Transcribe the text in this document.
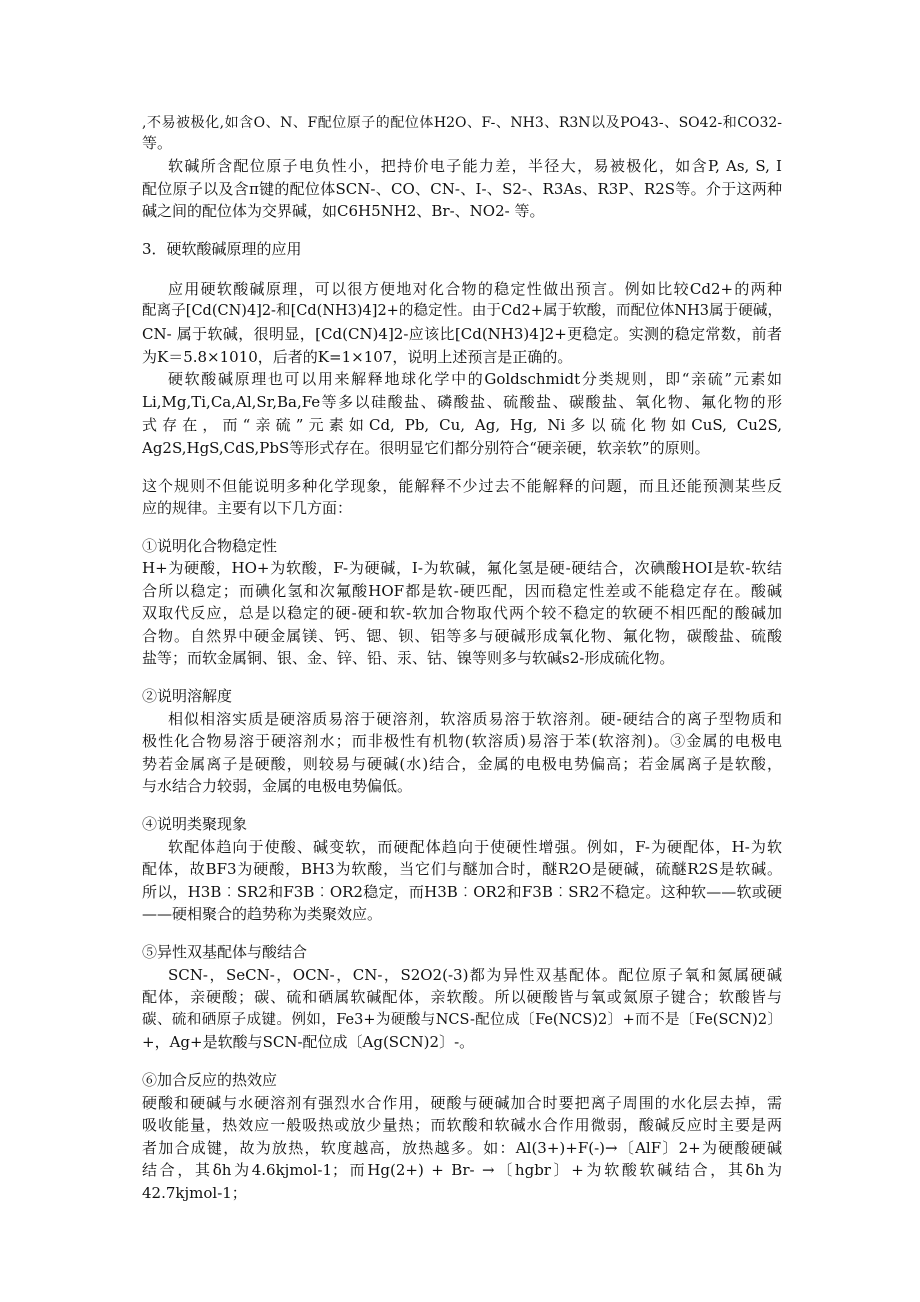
,不易被极化,如含O、N、F配位原子的配位体H2O、F-、NH3、R3N以及PO43-、SO42-和CO32-
等。
软碱所含配位原子电负性小，把持价电子能力差，半径大，易被极化，如含P, As, S, I
配位原子以及含π键的配位体SCN-、CO、CN-、I-、S2-、R3As、R3P、R2S等。介于这两种
碱之间的配位体为交界碱，如C6H5NH2、Br-、NO2- 等。
3．硬软酸碱原理的应用
应用硬软酸碱原理，可以很方便地对化合物的稳定性做出预言。例如比较Cd2+的两种
配离子[Cd(CN)4]2-和[Cd(NH3)4]2+的稳定性。由于Cd2+属于软酸，而配位体NH3属于硬碱，
CN- 属于软碱，很明显，[Cd(CN)4]2-应该比[Cd(NH3)4]2+更稳定。实测的稳定常数，前者
为K＝5.8×1010，后者的K=1×107，说明上述预言是正确的。
硬软酸碱原理也可以用来解释地球化学中的Goldschmidt分类规则，即“亲硫”元素如
Li,Mg,Ti,Ca,Al,Sr,Ba,Fe等多以硅酸盐、磷酸盐、硫酸盐、碳酸盐、氧化物、氟化物的形
式存在，而“亲硫”元素如Cd, Pb, Cu, Ag, Hg, Ni多以硫化物如CuS, Cu2S,
Ag2S,HgS,CdS,PbS等形式存在。很明显它们都分别符合“硬亲硬，软亲软”的原则。
这个规则不但能说明多种化学现象，能解释不少过去不能解释的问题，而且还能预测某些反
应的规律。主要有以下几方面：
①说明化合物稳定性
H+为硬酸，HO+为软酸，F-为硬碱，I-为软碱，氟化氢是硬-硬结合，次碘酸HOI是软-软结
合所以稳定；而碘化氢和次氟酸HOF都是软-硬匹配，因而稳定性差或不能稳定存在。酸碱
双取代反应，总是以稳定的硬-硬和软-软加合物取代两个较不稳定的软硬不相匹配的酸碱加
合物。自然界中硬金属镁、钙、锶、钡、铝等多与硬碱形成氧化物、氟化物，碳酸盐、硫酸
盐等；而软金属铜、银、金、锌、铅、汞、钴、镍等则多与软碱s2-形成硫化物。
②说明溶解度
相似相溶实质是硬溶质易溶于硬溶剂，软溶质易溶于软溶剂。硬-硬结合的离子型物质和
极性化合物易溶于硬溶剂水；而非极性有机物(软溶质)易溶于苯(软溶剂)。③金属的电极电
势若金属离子是硬酸，则较易与硬碱(水)结合，金属的电极电势偏高；若金属离子是软酸，
与水结合力较弱，金属的电极电势偏低。
④说明类聚现象
软配体趋向于使酸、碱变软，而硬配体趋向于使硬性增强。例如，F-为硬配体，H-为软
配体，故BF3为硬酸，BH3为软酸，当它们与醚加合时，醚R2O是硬碱，硫醚R2S是软碱。
所以，H3B︰SR2和F3B︰OR2稳定，而H3B︰OR2和F3B︰SR2不稳定。这种软——软或硬
——硬相聚合的趋势称为类聚效应。
⑤异性双基配体与酸结合
SCN-，SeCN-，OCN-，CN-，S2O2(-3)都为异性双基配体。配位原子氧和氮属硬碱
配体，亲硬酸；碳、硫和硒属软碱配体，亲软酸。所以硬酸皆与氧或氮原子键合；软酸皆与
碳、硫和硒原子成键。例如，Fe3+为硬酸与NCS-配位成〔Fe(NCS)2〕+而不是〔Fe(SCN)2〕
+，Ag+是软酸与SCN-配位成〔Ag(SCN)2〕-。
⑥加合反应的热效应
硬酸和硬碱与水硬溶剂有强烈水合作用，硬酸与硬碱加合时要把离子周围的水化层去掉，需
吸收能量，热效应一般吸热或放少量热；而软酸和软碱水合作用微弱，酸碱反应时主要是两
者加合成键，故为放热，软度越高，放热越多。如：Al(3+)+F(-)→〔AlF〕2+为硬酸硬碱
结合，其δh为4.6kjmol-1；而Hg(2+) + Br- →〔hgbr〕+为软酸软碱结合，其δh为
42.7kjmol-1；
